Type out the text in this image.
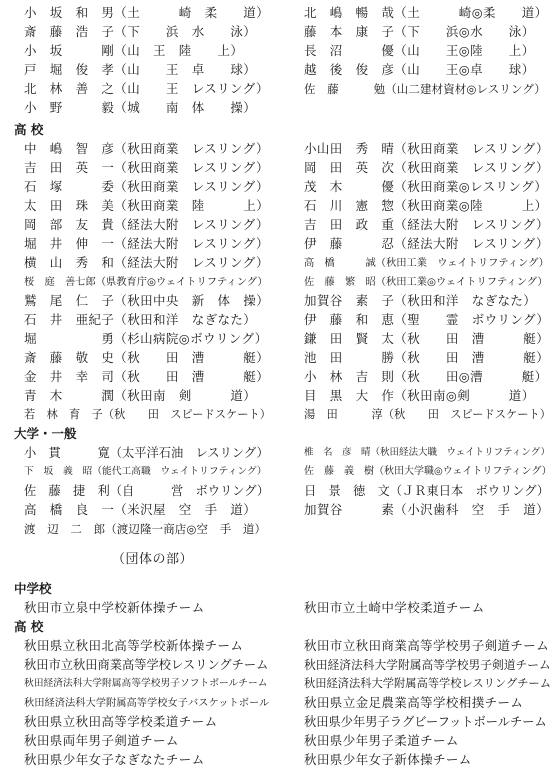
小　坂　和　男（土　　　崎　柔　　道）
斎　藤　浩　子（下　　浜　水　　泳）
小　坂　　　剛（山　王　陸　　上）
戸　堀　俊　孝（山　　王　卓　　球）
北　林　善　之（山　　王　レスリング）
小　野　　　毅（城　　南　体　　操）
北　嶋　暢　哉（土　　　崎◎柔　　道）
藤　本　康　子（下　　浜◎水　　泳）
長　沼　　　優（山　　王◎陸　　上）
越　後　俊　彦（山　　王◎卓　　球）
佐　藤　　　勉（山二建材資材◎レスリング）
高 校
中　嶋　智　彦（秋田商業　レスリング）
吉　田　英　一（秋田商業　レスリング）
石　塚　　　委（秋田商業　レスリング）
太　田　珠　美（秋田商業　陸　　　上）
岡　部　友　貴（経法大附　レスリング）
堀　井　伸　一（経法大附　レスリング）
横　山　秀　和（経法大附　レスリング）
桜　庭　善七郎（県教育庁◎ウェイトリフティング）
鷲　尾　仁　子（秋田中央　新　体　操）
石　井　亜紀子（秋田和洋　なぎなた）
堀　　　　　勇（杉山病院◎ボウリング）
斎　藤　敬　史（秋　　田　漕　　　艇）
金　井　幸　司（秋　　田　漕　　　艇）
青　木　　　潤（秋田南　剣　　　道）
若　林　育　子（秋　　田　スピードスケート）
小山田　秀　晴（秋田商業　レスリング）
岡　田　英　次（秋田商業　レスリング）
茂　木　　　優（秋田商業◎レスリング）
石　川　憲　惣（秋田商業◎陸　　　上）
吉　田　政　重（経法大附　レスリング）
伊　藤　　　忍（経法大附　レスリング）
高　橋　　　誠（秋田工業　ウェイトリフティング）
佐　藤　繁　昭（秋田工業◎ウェイトリフティング）
加賀谷　素　子（秋田和洋　なぎなた）
伊　藤　和　恵（聖　　霊　ボウリング）
鎌　田　賢　太（秋　　田　漕　　　艇）
池　田　　　勝（秋　　田　漕　　　艇）
小　林　吉　則（秋　　田◎漕　　　艇）
目　黒　大　作（秋田南◎剣　　　道）
湯　田　　　淳（秋　　田　スピードスケート）
大学・一般
小　貫　　　寛（太平洋石油　レスリング）
下　坂　義　昭（能代工高職　ウェイトリフティング）
佐　藤　捷　利（自　　　営　ボウリング）
高　橋　良　一（米沢屋　空　手　道）
渡　辺　二　郎（渡辺隆一商店◎空　手　道）
椎　名　彦　晴（秋田経法大職　ウェイトリフティング）
佐　藤　義　樹（秋田大学職◎ウェイトリフティング）
日　景　徳　文（ＪＲ東日本　ボウリング）
加賀谷　　　素（小沢歯科　空　手　道）
（団体の部）
中学校
秋田市立泉中学校新体操チーム	秋田市立土崎中学校柔道チーム
高 校
秋田県立秋田北高等学校新体操チーム
秋田市立秋田商業高等学校レスリングチーム
秋田経済法科大学附属高等学校男子ソフトボールチーム
秋田経済法科大学附属高等学校女子バスケットボール
秋田県立秋田高等学校柔道チーム
秋田県両年男子剣道チーム
秋田県少年女子なぎなたチーム
秋田市立秋田商業高等学校男子剣道チーム
秋田経済法科大学附属高等学校男子剣道チーム
秋田経済法科大学附属高等学校レスリングチーム
秋田県立金足農業高等学校相撲チーム
秋田県少年男子ラグビーフットボールチーム
秋田県少年男子柔道チーム
秋田県少年女子新体操チーム
